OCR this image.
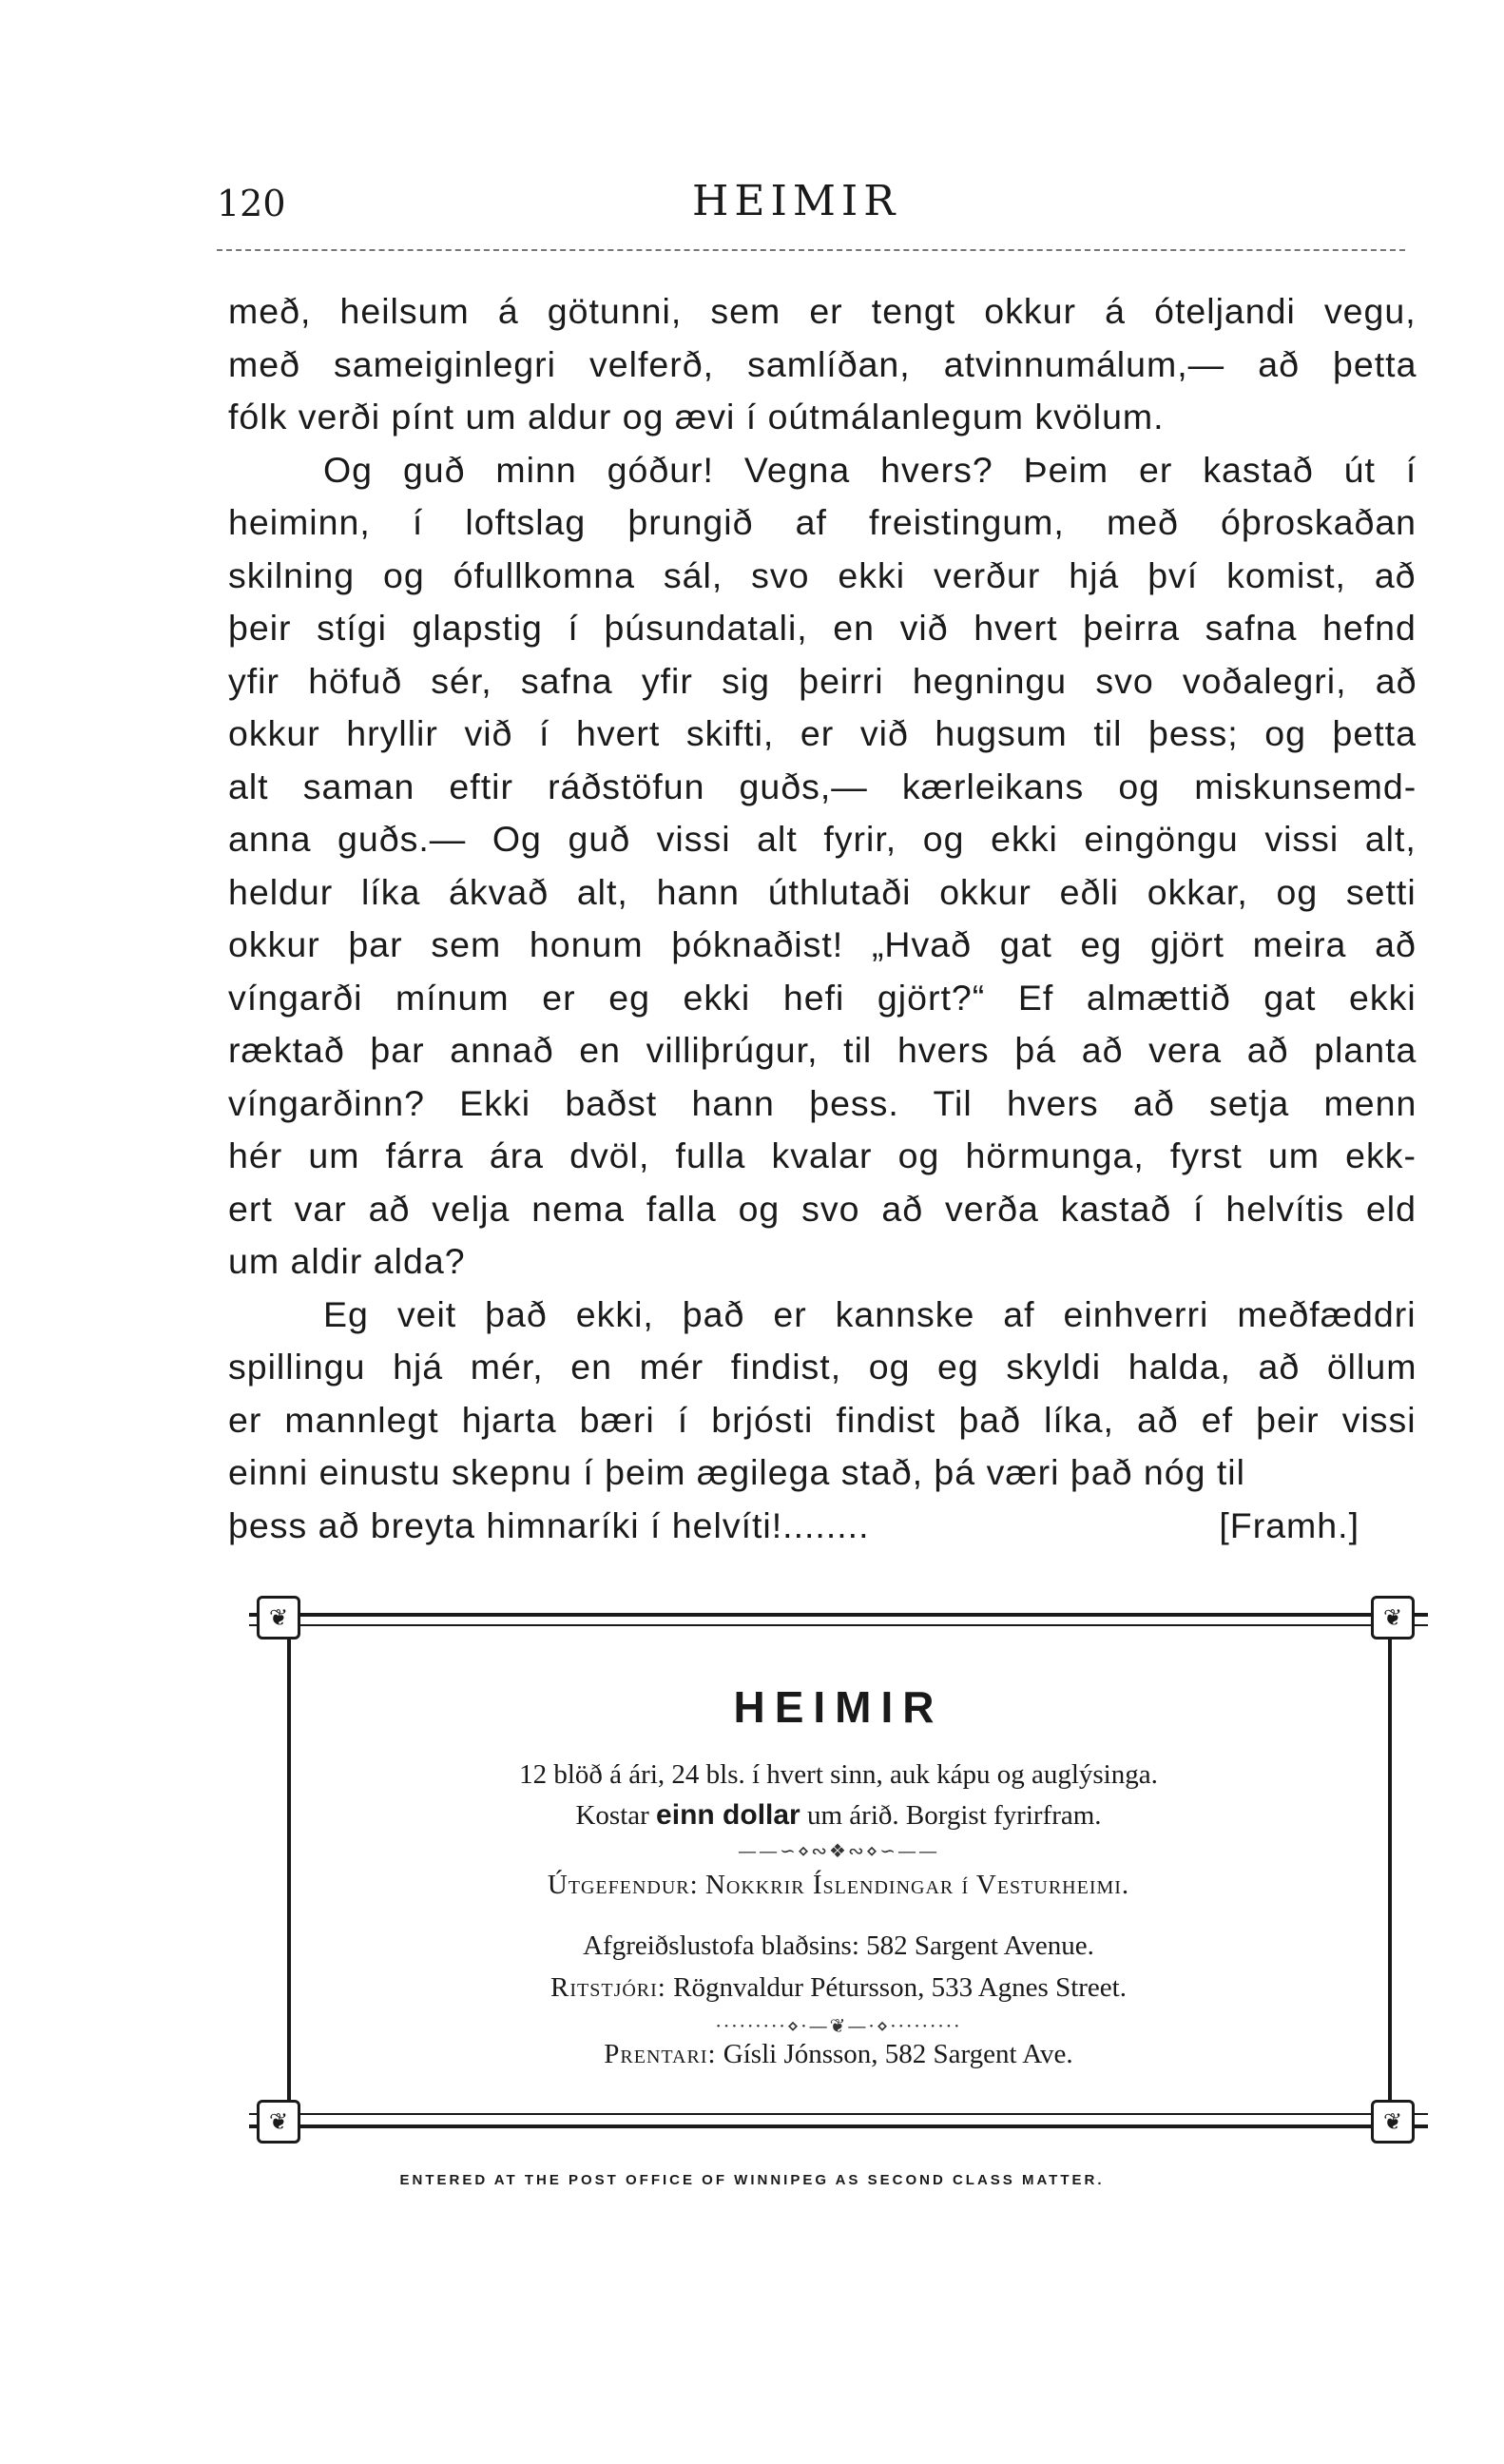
120	HEIMIR

með, heilsum á götunni, sem er tengt okkur á óteljandi vegu,
með sameiginlegri velferð, samlíðan, atvinnumálum,— að þetta
fólk verði pínt um aldur og ævi í oútmálanlegum kvölum.

Og guð minn góður! Vegna hvers? Þeim er kastað út í
heiminn, í loftslag þrungið af freistingum, með óþroskaðan
skilning og ófullkomna sál, svo ekki verður hjá því komist, að
þeir stígi glapstig í þúsundatali, en við hvert þeirra safna hefnd
yfir höfuð sér, safna yfir sig þeirri hegningu svo voðalegri, að
okkur hryllir við í hvert skifti, er við hugsum til þess; og þetta
alt saman eftir ráðstöfun guðs,— kærleikans og miskunsemd-
anna guðs.— Og guð vissi alt fyrir, og ekki eingöngu vissi alt,
heldur líka ákvað alt, hann úthlutaði okkur eðli okkar, og setti
okkur þar sem honum þóknaðist! „Hvað gat eg gjört meira að
víngarði mínum er eg ekki hefi gjört?“ Ef almættið gat ekki
ræktað þar annað en villiþrúgur, til hvers þá að vera að planta
víngarðinn? Ekki baðst hann þess. Til hvers að setja menn
hér um fárra ára dvöl, fulla kvalar og hörmunga, fyrst um ekk-
ert var að velja nema falla og svo að verða kastað í helvítis eld
um aldir alda?

Eg veit það ekki, það er kannske af einhverri meðfæddri
spillingu hjá mér, en mér findist, og eg skyldi halda, að öllum
er mannlegt hjarta bæri í brjósti findist það líka, að ef þeir vissi
einni einustu skepnu í þeim ægilega stað, þá væri það nóg til

þess að breyta himnaríki í helvíti!........	[Framh.]
❦	❦
❦	❦
HEIMIR
12 blöð á ári, 24 bls. í hvert sinn, auk kápu og auglýsinga.
Kostar einn dollar um árið. Borgist fyrirfram.
——∽⋄∾❖∾⋄∽——
Útgefendur: Nokkrir Íslendingar í Vesturheimi.
Afgreiðslustofa blaðsins: 582 Sargent Avenue.
Ritstjóri: Rögnvaldur Pétursson, 533 Agnes Street.
·········⋄·—❦—·⋄·········
Prentari: Gísli Jónsson, 582 Sargent Ave.
ENTERED AT THE POST OFFICE OF WINNIPEG AS SECOND CLASS MATTER.
